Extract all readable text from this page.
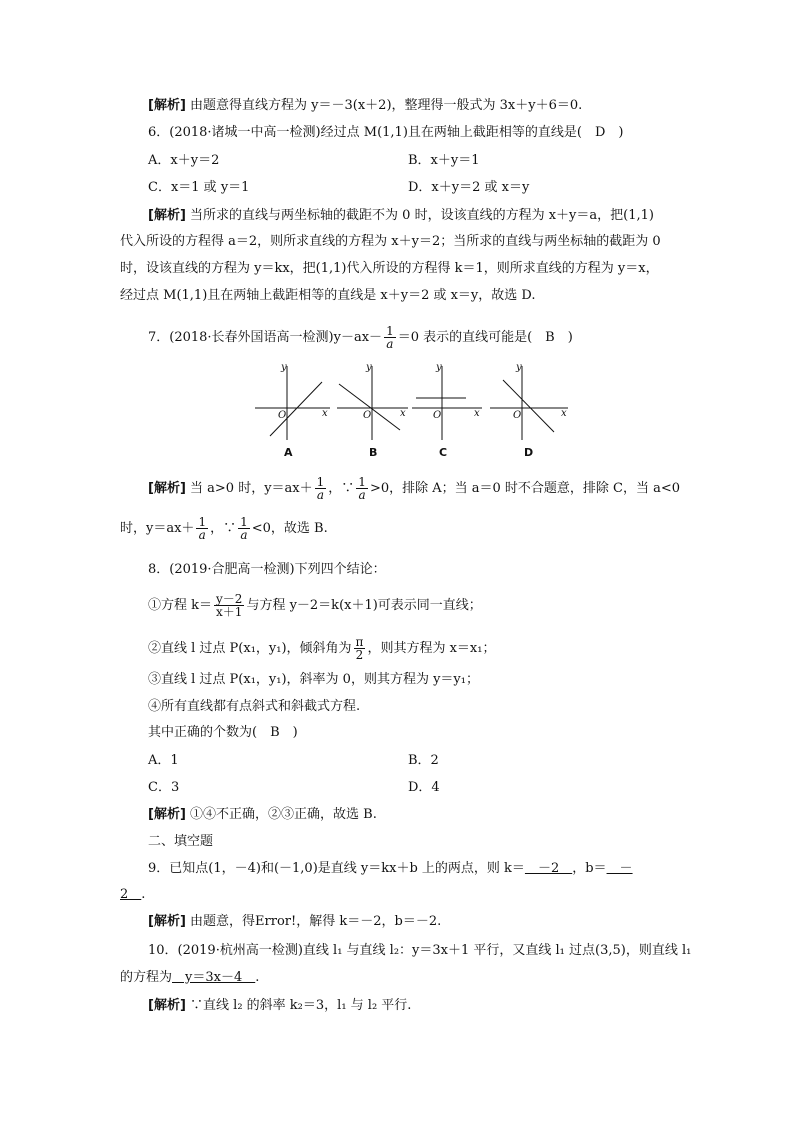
[解析] 由题意得直线方程为 y＝－3(x＋2)，整理得一般式为 3x＋y＋6＝0.
6．(2018·诸城一中高一检测)经过点 M(1,1)且在两轴上截距相等的直线是(　D　)
A．x＋y＝2	B．x＋y＝1
C．x＝1 或 y＝1	D．x＋y＝2 或 x＝y
[解析] 当所求的直线与两坐标轴的截距不为 0 时，设该直线的方程为 x＋y＝a，把(1,1)
代入所设的方程得 a＝2，则所求直线的方程为 x＋y＝2；当所求的直线与两坐标轴的截距为 0
时，设该直线的方程为 y＝kx，把(1,1)代入所设的方程得 k＝1，则所求直线的方程为 y＝x，
经过点 M(1,1)且在两轴上截距相等的直线是 x＋y＝2 或 x＝y，故选 D.
7．(2018·长春外国语高一检测)$y-ax- \frac{1}{a} =0$ 表示的直线可能是(　B　)
y
x
O
y
x
O
y
x
O
y
x
O
A	B	C	D
[解析] 当 a>0 时，$y=ax+ \frac{1}{a}$ ，∵ $\frac{1}{a} >0$，排除 A；当 a＝0 时不合题意，排除 C，当 a<0
时，$y=ax+ \frac{1}{a}$ ，∵ $\frac{1}{a} <0$，故选 B.
8．(2019·合肥高一检测)下列四个结论：
①方程 $k= \frac{y-2}{x+1}$ 与方程 y－2＝k(x＋1)可表示同一直线；
②直线 l 过点 P(x₁，y₁)，倾斜角为 $\frac{\pi}{2}$ ，则其方程为 x＝x₁；
③直线 l 过点 P(x₁，y₁)，斜率为 0，则其方程为 y＝y₁；
④所有直线都有点斜式和斜截式方程.
其中正确的个数为(　B　)
A．1	B．2
C．3	D．4
[解析] ①④不正确，②③正确，故选 B.
二、填空题
9．已知点(1，－4)和(－1,0)是直线 y＝kx＋b 上的两点，则 k＝　－2　，b＝　－
2　.
[解析] 由题意，得Error!，解得 k＝－2，b＝－2.
10．(2019·杭州高一检测)直线 l₁ 与直线 l₂：y＝3x＋1 平行，又直线 l₁ 过点(3,5)，则直线 l₁
的方程为　y＝3x－4　.
[解析] ∵直线 l₂ 的斜率 k₂＝3，l₁ 与 l₂ 平行.
